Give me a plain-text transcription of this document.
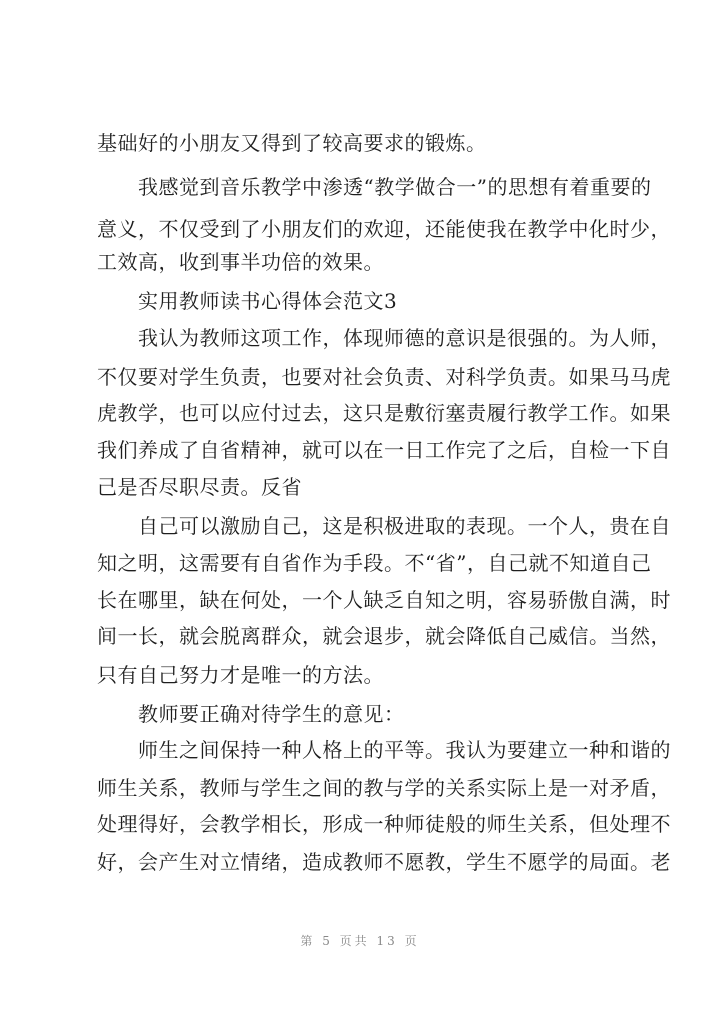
基础好的小朋友又得到了较高要求的锻炼。
我感觉到音乐教学中渗透“教学做合一”的思想有着重要的
意义，不仅受到了小朋友们的欢迎，还能使我在教学中化时少，
工效高，收到事半功倍的效果。
实用教师读书心得体会范文3
我认为教师这项工作，体现师德的意识是很强的。为人师，
不仅要对学生负责，也要对社会负责、对科学负责。如果马马虎
虎教学，也可以应付过去，这只是敷衍塞责履行教学工作。如果
我们养成了自省精神，就可以在一日工作完了之后，自检一下自
己是否尽职尽责。反省
自己可以激励自己，这是积极进取的表现。一个人，贵在自
知之明，这需要有自省作为手段。不“省”，自己就不知道自己
长在哪里，缺在何处，一个人缺乏自知之明，容易骄傲自满，时
间一长，就会脱离群众，就会退步，就会降低自己威信。当然，
只有自己努力才是唯一的方法。
教师要正确对待学生的意见：
师生之间保持一种人格上的平等。我认为要建立一种和谐的
师生关系，教师与学生之间的教与学的关系实际上是一对矛盾，
处理得好，会教学相长，形成一种师徒般的师生关系，但处理不
好，会产生对立情绪，造成教师不愿教，学生不愿学的局面。老
第 5 页共 13 页
